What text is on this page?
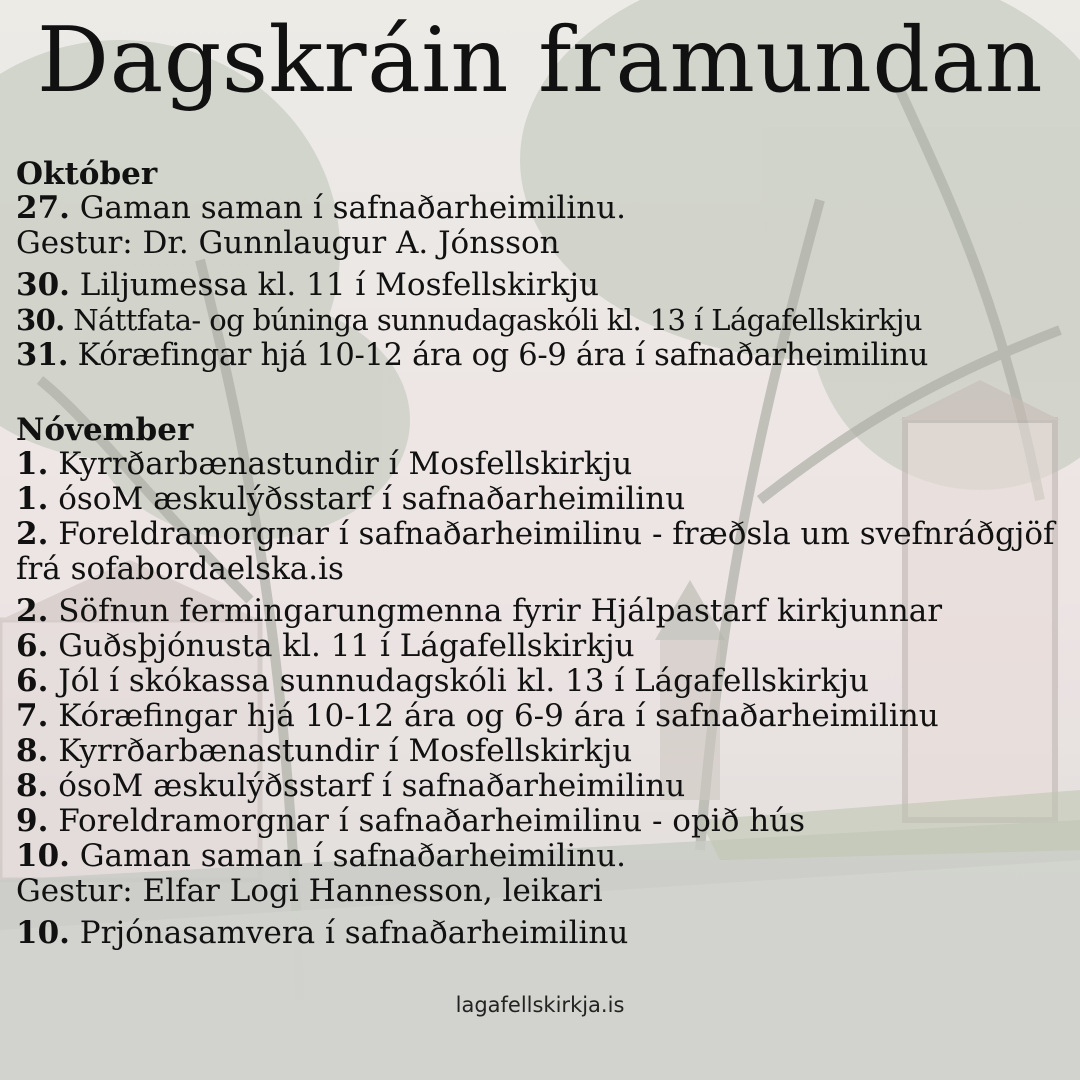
Dagskráin framundan
Október
27. Gaman saman í safnaðarheimilinu.
Gestur: Dr. Gunnlaugur A. Jónsson
30. Liljumessa kl. 11 í Mosfellskirkju
30. Náttfata- og búninga sunnudagaskóli kl. 13 í Lágafellskirkju
31. Kóræfingar hjá 10-12 ára og 6-9 ára í safnaðarheimilinu
Nóvember
1. Kyrrðarbænastundir í Mosfellskirkju
1. ósoM æskulýðsstarf í safnaðarheimilinu
2. Foreldramorgnar í safnaðarheimilinu - fræðsla um svefnráðgjöf frá sofabordaelska.is
2. Söfnun fermingarungmenna fyrir Hjálpastarf kirkjunnar
6. Guðsþjónusta kl. 11 í Lágafellskirkju
6. Jól í skókassa sunnudagskóli kl. 13 í Lágafellskirkju
7. Kóræfingar hjá 10-12 ára og 6-9 ára í safnaðarheimilinu
8. Kyrrðarbænastundir í Mosfellskirkju
8. ósoM æskulýðsstarf í safnaðarheimilinu
9. Foreldramorgnar í safnaðarheimilinu - opið hús
10. Gaman saman í safnaðarheimilinu.
Gestur: Elfar Logi Hannesson, leikari
10. Prjónasamvera í safnaðarheimilinu
lagafellskirkja.is
